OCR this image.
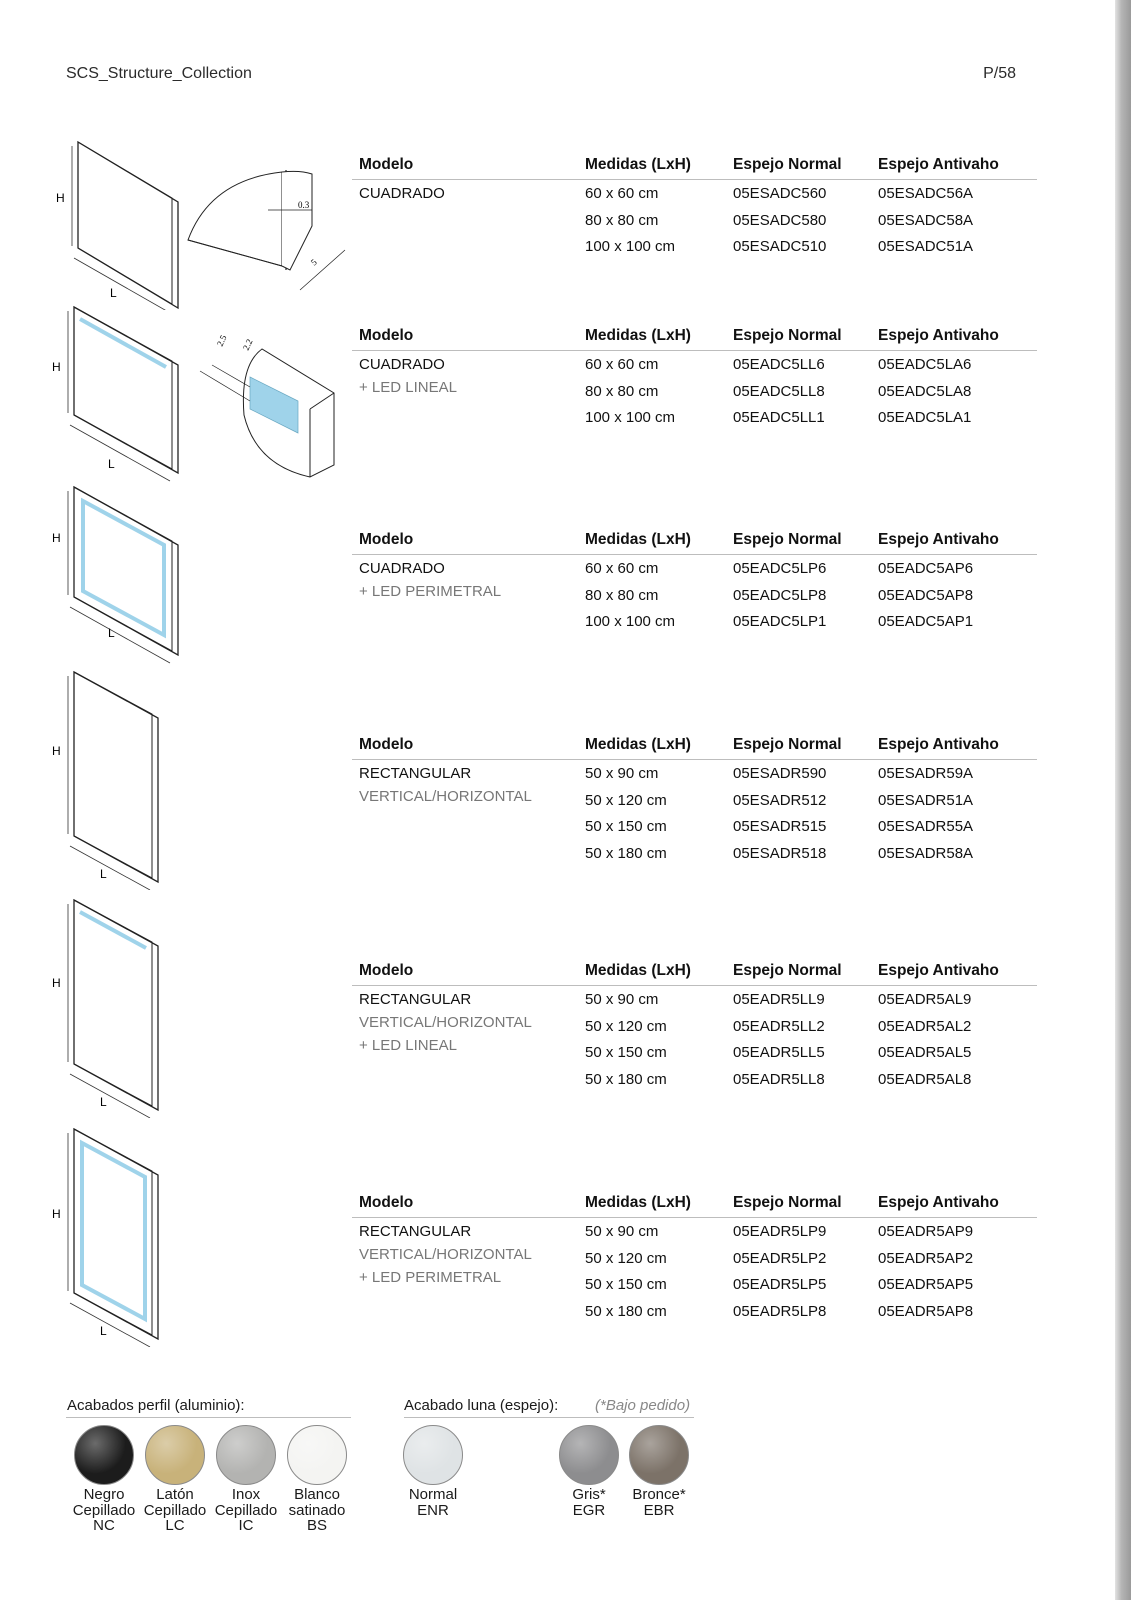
SCS_Structure_Collection	P/58
H
L
0.3
5
Modelo	Medidas (LxH)	Espejo Normal Espejo Antivaho
CUADRADO	60 x 60 cm	05ESADC560	05ESADC56A
80 x 80 cm	05ESADC580	05ESADC58A
100 x 100 cm	05ESADC510	05ESADC51A
H
L
2.5 2.2
Modelo	Medidas (LxH)	Espejo Normal Espejo Antivaho
CUADRADO
+ LED LINEAL
60 x 60 cm	05EADC5LL6	05EADC5LA6
80 x 80 cm	05EADC5LL8	05EADC5LA8
100 x 100 cm	05EADC5LL1	05EADC5LA1
H
L
Modelo	Medidas (LxH)	Espejo Normal Espejo Antivaho
CUADRADO
+ LED PERIMETRAL
60 x 60 cm	05EADC5LP6	05EADC5AP6
80 x 80 cm	05EADC5LP8	05EADC5AP8
100 x 100 cm	05EADC5LP1	05EADC5AP1
H
L
Modelo	Medidas (LxH)	Espejo Normal Espejo Antivaho
RECTANGULAR
VERTICAL/HORIZONTAL
50 x 90 cm	05ESADR590	05ESADR59A
50 x 120 cm	05ESADR512	05ESADR51A
50 x 150 cm	05ESADR515	05ESADR55A
50 x 180 cm	05ESADR518	05ESADR58A
H
L
Modelo	Medidas (LxH)	Espejo Normal Espejo Antivaho
RECTANGULAR
VERTICAL/HORIZONTAL
+ LED LINEAL
50 x 90 cm	05EADR5LL9	05EADR5AL9
50 x 120 cm	05EADR5LL2	05EADR5AL2
50 x 150 cm	05EADR5LL5	05EADR5AL5
50 x 180 cm	05EADR5LL8	05EADR5AL8
H
L
Modelo	Medidas (LxH)	Espejo Normal Espejo Antivaho
RECTANGULAR
VERTICAL/HORIZONTAL
+ LED PERIMETRAL
50 x 90 cm	05EADR5LP9	05EADR5AP9
50 x 120 cm	05EADR5LP2	05EADR5AP2
50 x 150 cm	05EADR5LP5	05EADR5AP5
50 x 180 cm	05EADR5LP8	05EADR5AP8
Acabados perfil (aluminio):	Acabado luna (espejo): (*Bajo pedido)
Negro
Cepillado
NC
Latón
Cepillado
LC
Inox
Cepillado
IC
Blanco
satinado
BS
Normal
ENR
Gris*
EGR
Bronce*
EBR
